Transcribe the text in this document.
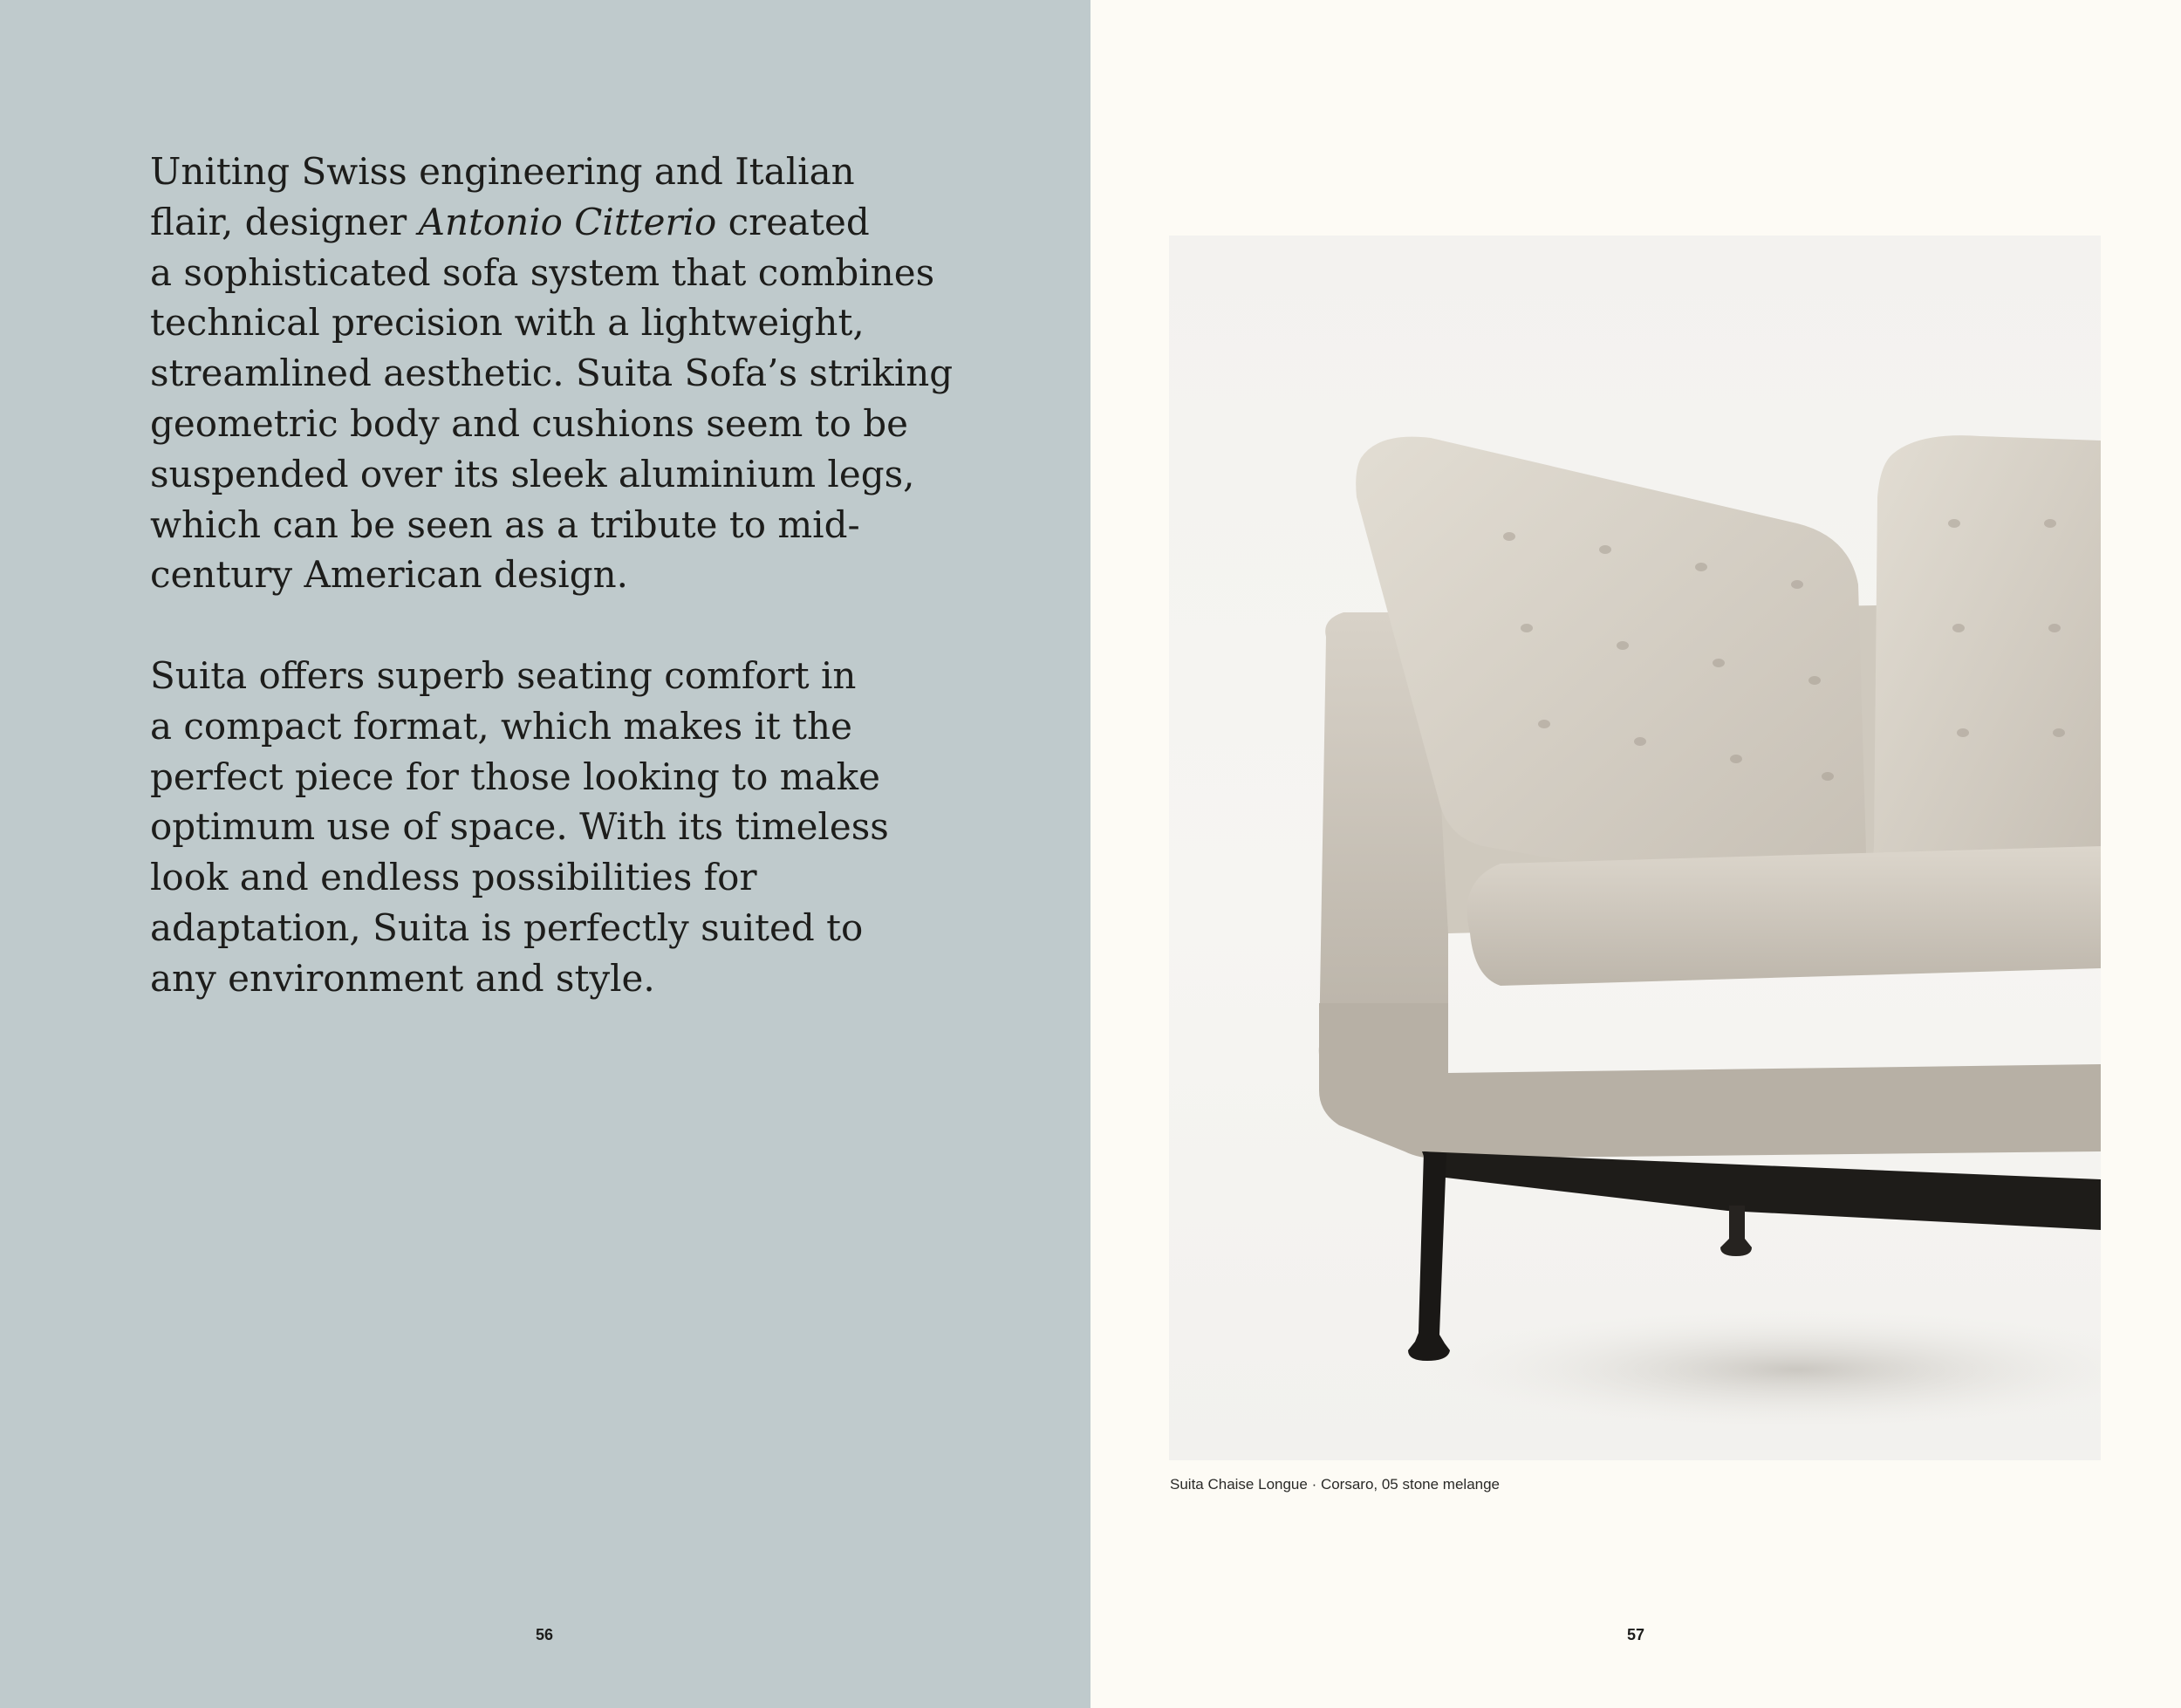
Uniting Swiss engineering and Italian
flair, designer Antonio Citterio created
a sophisticated sofa system that combines
technical precision with a lightweight,
streamlined aesthetic. Suita Sofa’s striking
geometric body and cushions seem to be
suspended over its sleek aluminium legs,
which can be seen as a tribute to mid-
century American design.

Suita offers superb seating comfort in
a compact format, which makes it the
perfect piece for those looking to make
optimum use of space. With its timeless
look and endless possibilities for
adaptation, Suita is perfectly suited to
any environment and style.

56	57
Suita Chaise Longue · Corsaro, 05 stone melange
